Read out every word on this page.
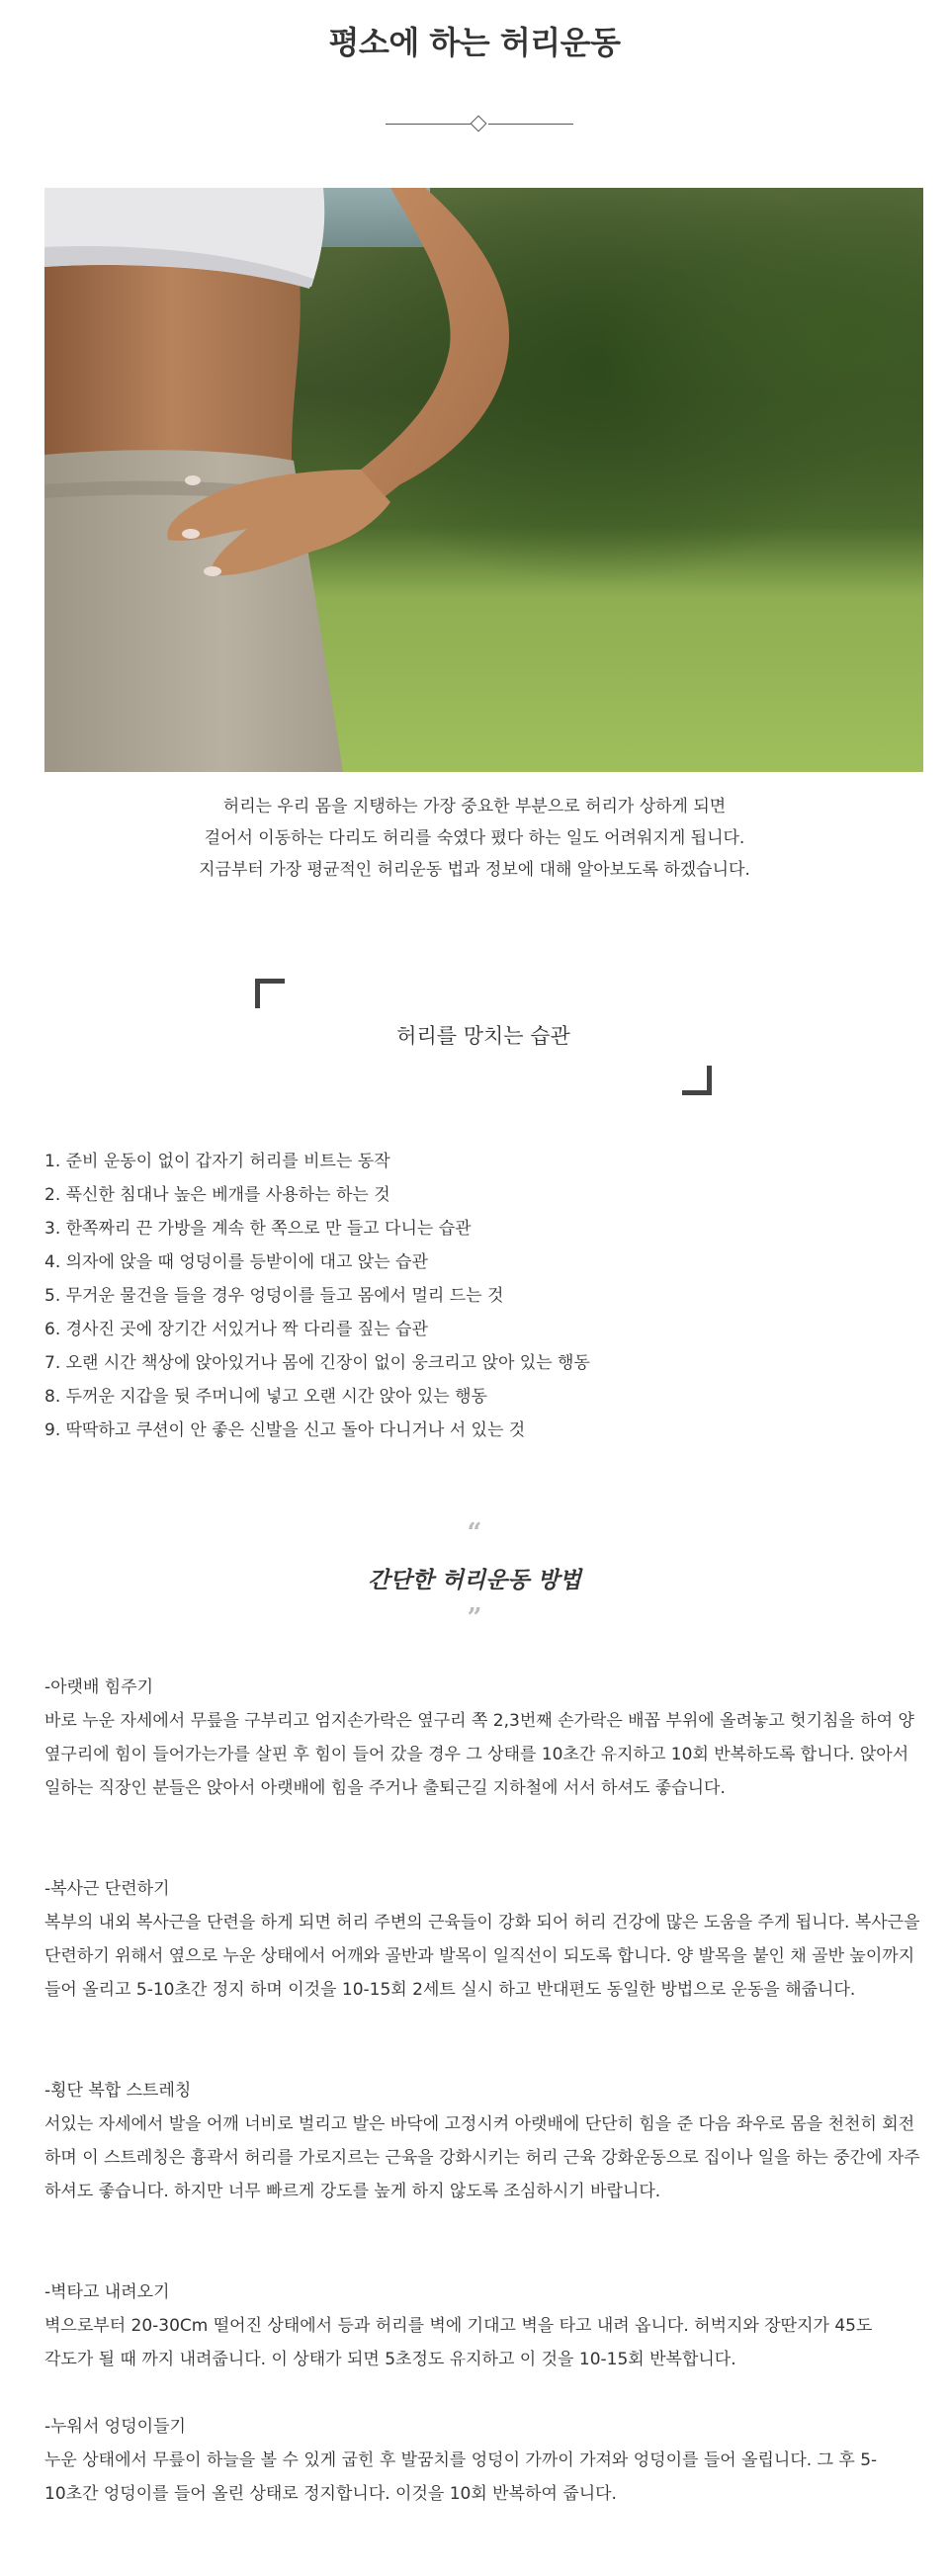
평소에 하는 허리운동
허리는 우리 몸을 지탱하는 가장 중요한 부분으로 허리가 상하게 되면
걸어서 이동하는 다리도 허리를 숙였다 폈다 하는 일도 어려워지게 됩니다.
지금부터 가장 평균적인 허리운동 법과 정보에 대해 알아보도록 하겠습니다.
허리를 망치는 습관
1. 준비 운동이 없이 갑자기 허리를 비트는 동작
2. 푹신한 침대나 높은 베개를 사용하는 하는 것
3. 한쪽짜리 끈 가방을 계속 한 쪽으로 만 들고 다니는 습관
4. 의자에 앉을 때 엉덩이를 등받이에 대고 앉는 습관
5. 무거운 물건을 들을 경우 엉덩이를 들고 몸에서 멀리 드는 것
6. 경사진 곳에 장기간 서있거나 짝 다리를 짚는 습관
7. 오랜 시간 책상에 앉아있거나 몸에 긴장이 없이 웅크리고 앉아 있는 행동
8. 두꺼운 지갑을 뒷 주머니에 넣고 오랜 시간 앉아 있는 행동
9. 딱딱하고 쿠션이 안 좋은 신발을 신고 돌아 다니거나 서 있는 것
“
간단한 허리운동 방법
”

-아랫배 힘주기

바로 누운 자세에서 무릎을 구부리고 엄지손가락은 옆구리 쪽 2,3번째 손가락은 배꼽 부위에 올려놓고 헛기침을 하여 양 옆구리에 힘이 들어가는가를 살핀 후 힘이 들어 갔을 경우 그 상태를 10초간 유지하고 10회 반복하도록 합니다. 앉아서 일하는 직장인 분들은 앉아서 아랫배에 힘을 주거나 출퇴근길 지하철에 서서 하셔도 좋습니다.

-복사근 단련하기

복부의 내외 복사근을 단련을 하게 되면 허리 주변의 근육들이 강화 되어 허리 건강에 많은 도움을 주게 됩니다. 복사근을 단련하기 위해서 옆으로 누운 상태에서 어깨와 골반과 발목이 일직선이 되도록 합니다. 양 발목을 붙인 채 골반 높이까지 들어 올리고 5-10초간 정지 하며 이것을 10-15회 2세트 실시 하고 반대편도 동일한 방법으로 운동을 해줍니다.

-횡단 복합 스트레칭

서있는 자세에서 발을 어깨 너비로 벌리고 발은 바닥에 고정시켜 아랫배에 단단히 힘을 준 다음 좌우로 몸을 천천히 회전 하며 이 스트레칭은 흉곽서 허리를 가로지르는 근육을 강화시키는 허리 근육 강화운동으로 집이나 일을 하는 중간에 자주 하셔도 좋습니다. 하지만 너무 빠르게 강도를 높게 하지 않도록 조심하시기 바랍니다.

-벽타고 내려오기

벽으로부터 20-30Cm 떨어진 상태에서 등과 허리를 벽에 기대고 벽을 타고 내려 옵니다. 허벅지와 장딴지가 45도 각도가 될 때 까지 내려줍니다. 이 상태가 되면 5초정도 유지하고 이 것을 10-15회 반복합니다.

-누워서 엉덩이들기

누운 상태에서 무릎이 하늘을 볼 수 있게 굽힌 후 발꿈치를 엉덩이 가까이 가져와 엉덩이를 들어 올립니다. 그 후 5-10초간 엉덩이를 들어 올린 상태로 정지합니다. 이것을 10회 반복하여 줍니다.
